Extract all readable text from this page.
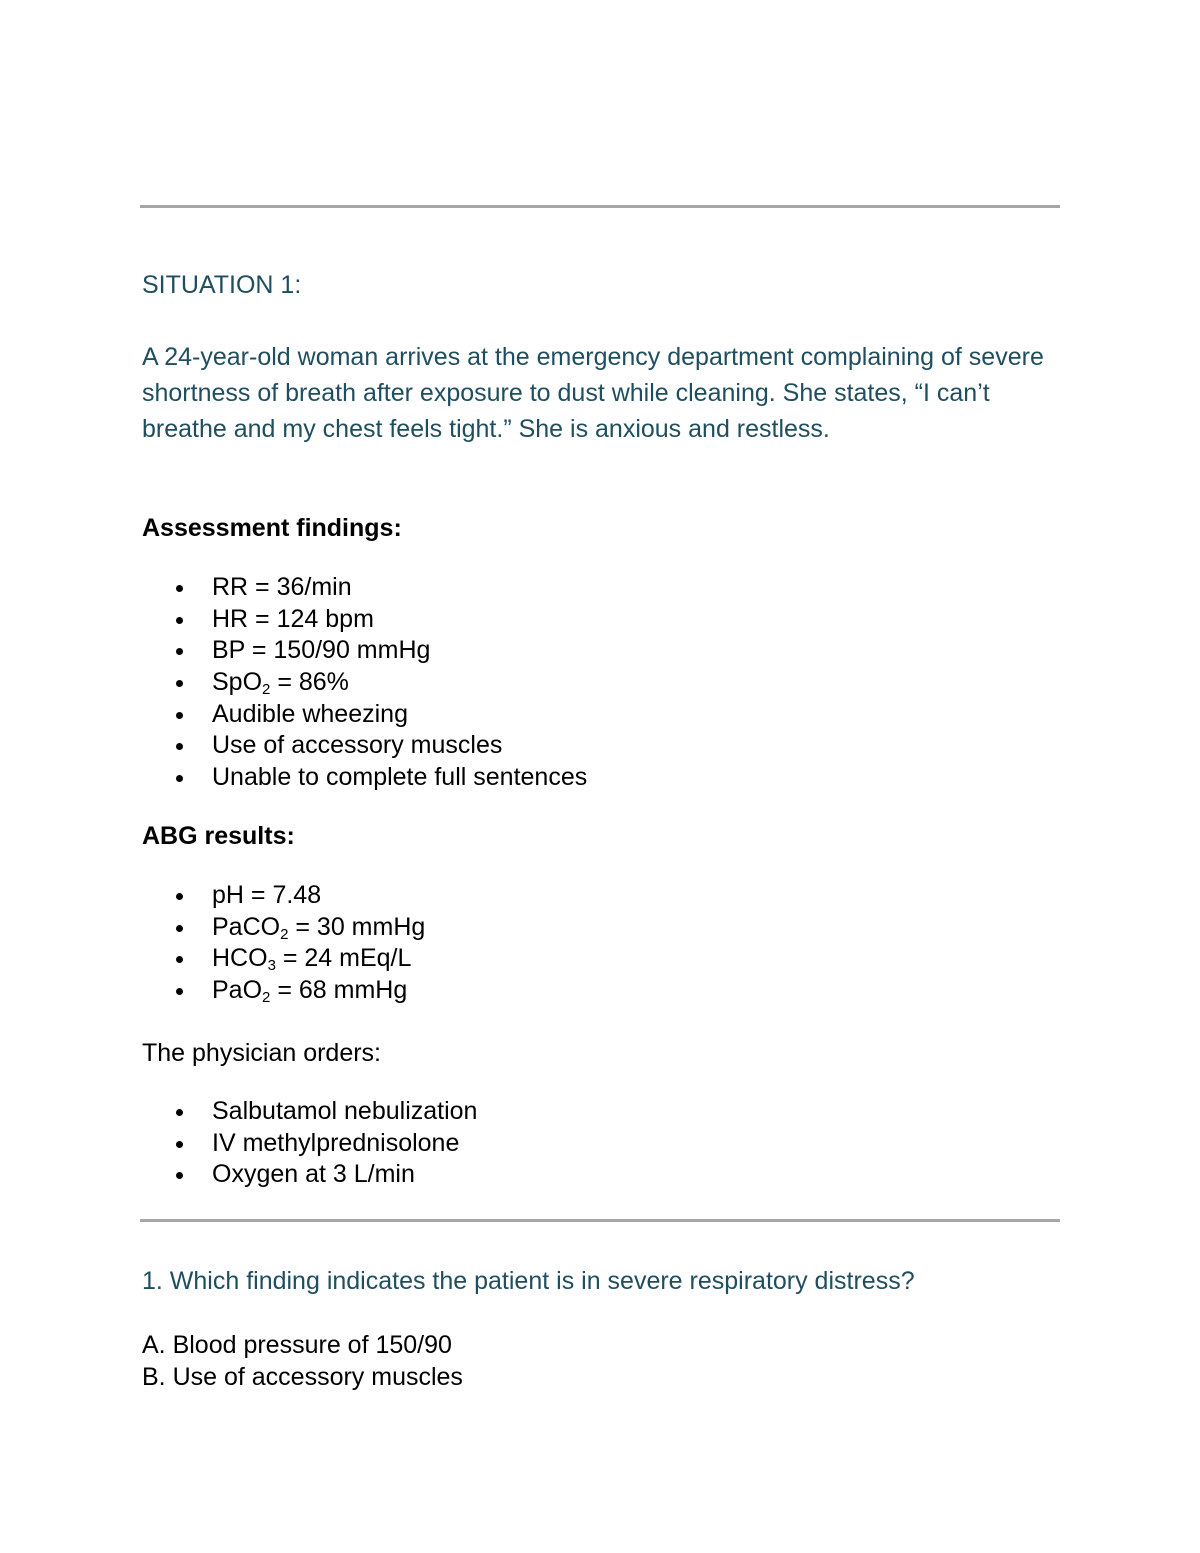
SITUATION 1:
A 24-year-old woman arrives at the emergency department complaining of severe shortness of breath after exposure to dust while cleaning. She states, “I can’t breathe and my chest feels tight.” She is anxious and restless.
Assessment findings:
RR = 36/min
HR = 124 bpm
BP = 150/90 mmHg
SpO$_2$ = 86%
Audible wheezing
Use of accessory muscles
Unable to complete full sentences
ABG results:
pH = 7.48
PaCO$_2$ = 30 mmHg
$HCO_3 = 24$ mEq/L
PaO$_2$ = 68 mmHg
The physician orders:
Salbutamol nebulization
IV methylprednisolone
Oxygen at 3 L/min
1. Which finding indicates the patient is in severe respiratory distress?
A. Blood pressure of 150/90
B. Use of accessory muscles
